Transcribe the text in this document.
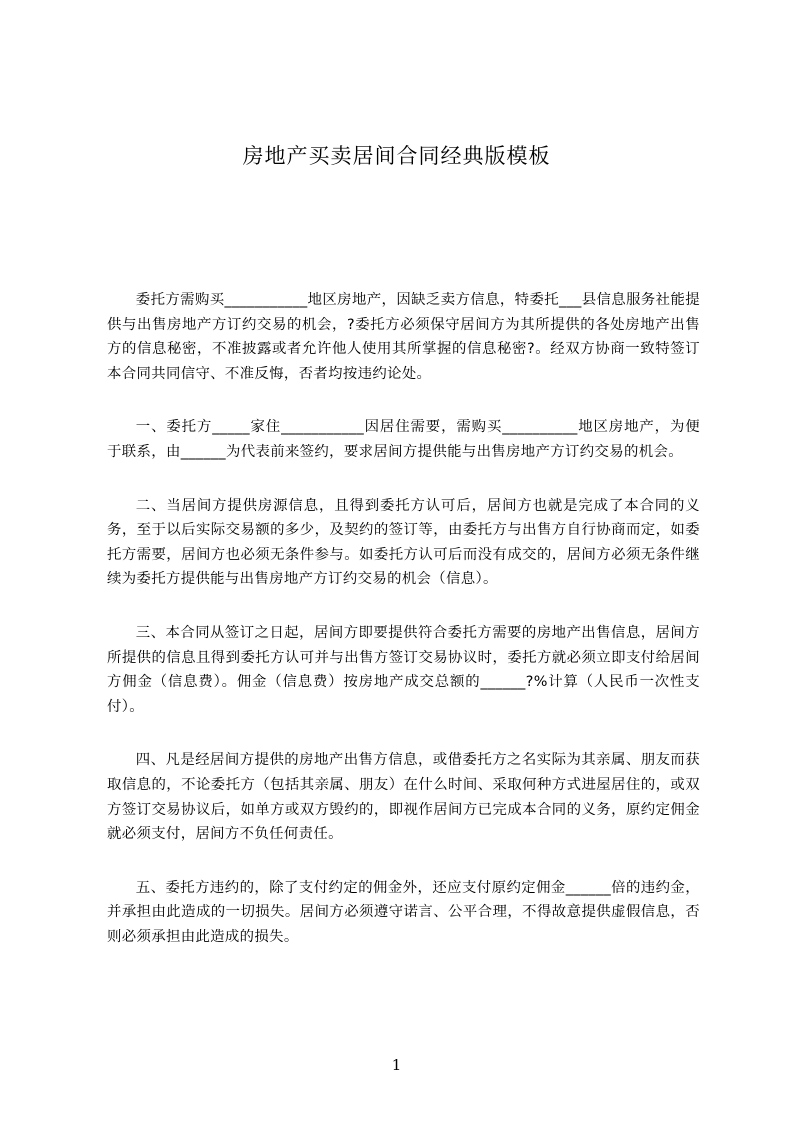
房地产买卖居间合同经典版模板

委托方需购买___________地区房地产，因缺乏卖方信息，特委托___县信息服务社能提供与出售房地产方订约交易的机会，?委托方必须保守居间方为其所提供的各处房地产出售方的信息秘密，不准披露或者允许他人使用其所掌握的信息秘密?。经双方协商一致特签订本合同共同信守、不准反悔，否者均按违约论处。

一、委托方_____家住___________因居住需要，需购买__________地区房地产，为便于联系，由______为代表前来签约，要求居间方提供能与出售房地产方订约交易的机会。

二、当居间方提供房源信息，且得到委托方认可后，居间方也就是完成了本合同的义务，至于以后实际交易额的多少，及契约的签订等，由委托方与出售方自行协商而定，如委托方需要，居间方也必须无条件参与。如委托方认可后而没有成交的，居间方必须无条件继续为委托方提供能与出售房地产方订约交易的机会（信息）。

三、本合同从签订之日起，居间方即要提供符合委托方需要的房地产出售信息，居间方所提供的信息且得到委托方认可并与出售方签订交易协议时，委托方就必须立即支付给居间方佣金（信息费）。佣金（信息费）按房地产成交总额的______?%计算（人民币一次性支付）。

四、凡是经居间方提供的房地产出售方信息，或借委托方之名实际为其亲属、朋友而获取信息的，不论委托方（包括其亲属、朋友）在什么时间、采取何种方式进屋居住的，或双方签订交易协议后，如单方或双方毁约的，即视作居间方已完成本合同的义务，原约定佣金就必须支付，居间方不负任何责任。

五、委托方违约的，除了支付约定的佣金外，还应支付原约定佣金______倍的违约金，并承担由此造成的一切损失。居间方必须遵守诺言、公平合理，不得故意提供虚假信息，否则必须承担由此造成的损失。

1
